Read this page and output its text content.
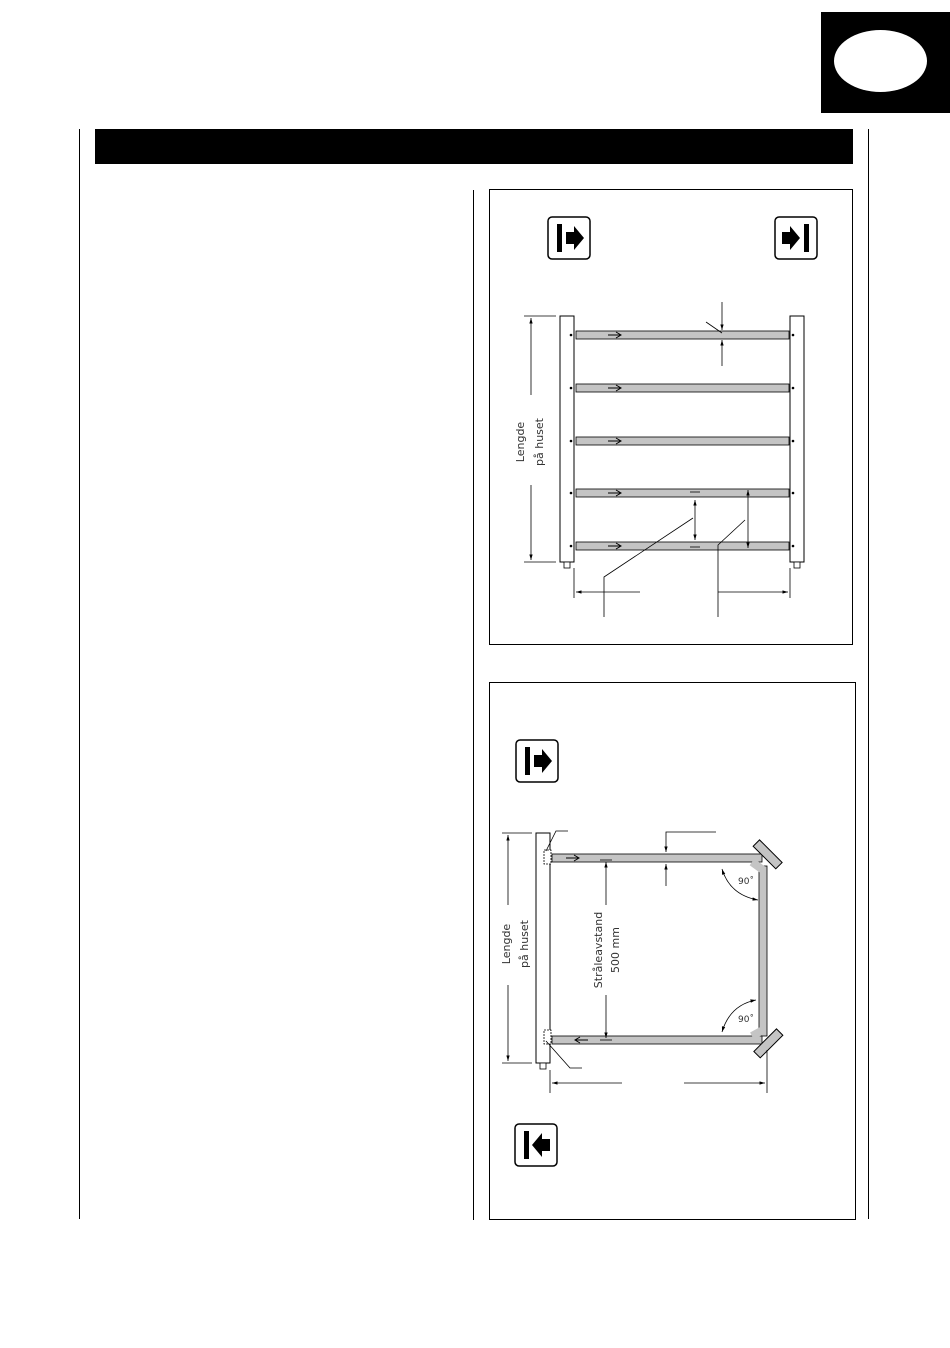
Lengde på huset
90˚
90˚
Lengde på huset	Stråleavstand 500 mm
